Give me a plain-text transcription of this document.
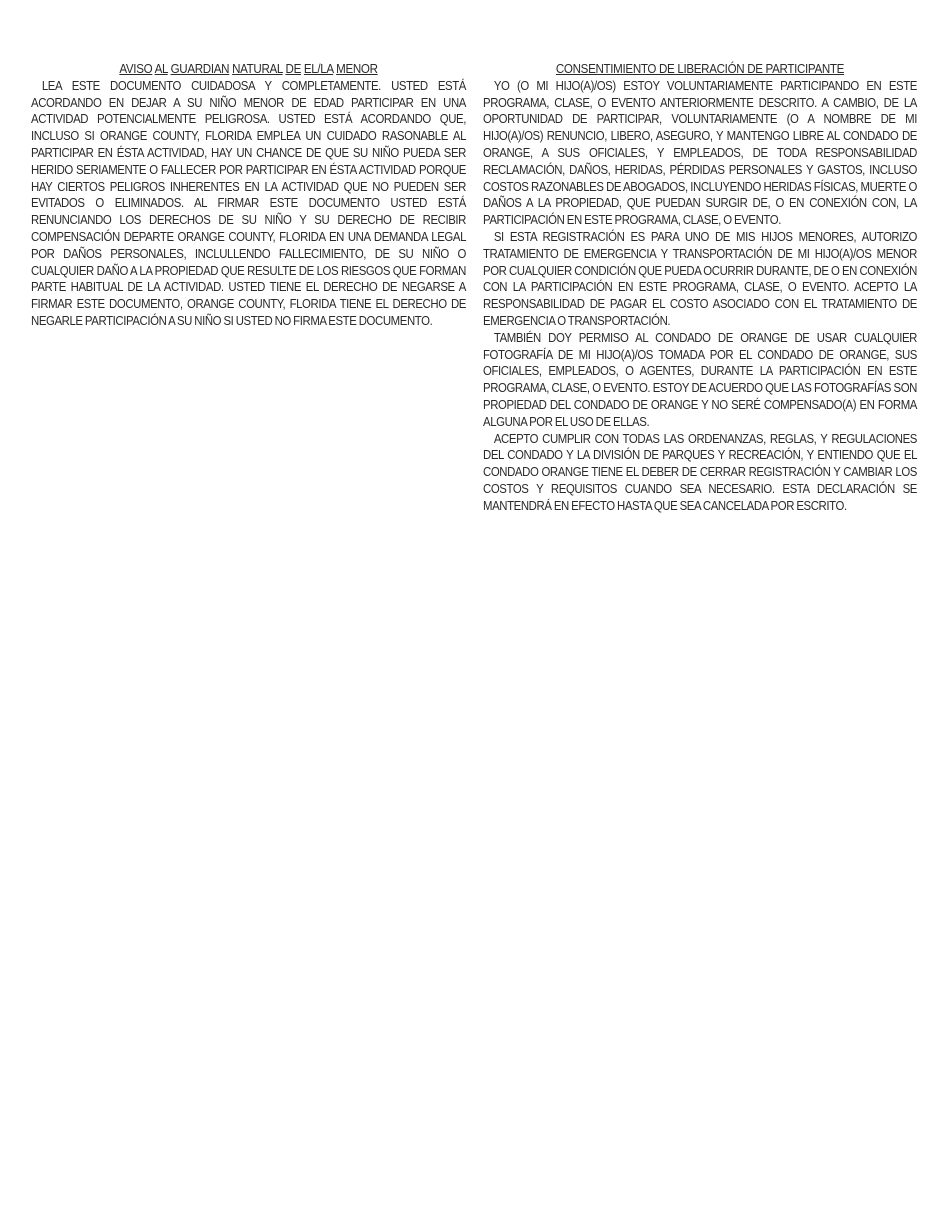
AVISO AL GUARDIAN NATURAL DE EL/LA MENOR

LEA ESTE DOCUMENTO CUIDADOSA Y COMPLETAMENTE. USTED ESTÁ ACORDANDO EN DEJAR A SU NIÑO MENOR DE EDAD PARTICIPAR EN UNA ACTIVIDAD POTENCIALMENTE PELIGROSA. USTED ESTÁ ACORDANDO QUE, INCLUSO SI ORANGE COUNTY, FLORIDA EMPLEA UN CUIDADO RASONABLE AL PARTICIPAR EN ÉSTA ACTIVIDAD, HAY UN CHANCE DE QUE SU NIÑO PUEDA SER HERIDO SERIAMENTE O FALLECER POR PARTICIPAR EN ÉSTA ACTIVIDAD PORQUE HAY CIERTOS PELIGROS INHERENTES EN LA ACTIVIDAD QUE NO PUEDEN SER EVITADOS O ELIMINADOS. AL FIRMAR ESTE DOCUMENTO USTED ESTÁ RENUNCIANDO LOS DERECHOS DE SU NIÑO Y SU DERECHO DE RECIBIR COMPENSACIÓN DEPARTE ORANGE COUNTY, FLORIDA EN UNA DEMANDA LEGAL POR DAÑOS PERSONALES, INCLULLENDO FALLECIMIENTO, DE SU NIÑO O CUALQUIER DAÑO A LA PROPIEDAD QUE RESULTE DE LOS RIESGOS QUE FORMAN PARTE HABITUAL DE LA ACTIVIDAD. USTED TIENE EL DERECHO DE NEGARSE A FIRMAR ESTE DOCUMENTO, ORANGE COUNTY, FLORIDA TIENE EL DERECHO DE NEGARLE PARTICIPACIÓN A SU NIÑO SI USTED NO FIRMA ESTE DOCUMENTO.

CONSENTIMIENTO DE LIBERACIÓN DE PARTICIPANTE

YO (O MI HIJO(A)/OS) ESTOY VOLUNTARIAMENTE PARTICIPANDO EN ESTE PROGRAMA, CLASE, O EVENTO ANTERIORMENTE DESCRITO. A CAMBIO, DE LA OPORTUNIDAD DE PARTICIPAR, VOLUNTARIAMENTE (O A NOMBRE DE MI HIJO(A)/OS) RENUNCIO, LIBERO, ASEGURO, Y MANTENGO LIBRE AL CONDADO DE ORANGE, A SUS OFICIALES, Y EMPLEADOS, DE TODA RESPONSABILIDAD RECLAMACIÓN, DAÑOS, HERIDAS, PÉRDIDAS PERSONALES Y GASTOS, INCLUSO COSTOS RAZONABLES DE ABOGADOS, INCLUYENDO HERIDAS FÍSICAS, MUERTE O DAÑOS A LA PROPIEDAD, QUE PUEDAN SURGIR DE, O EN CONEXIÓN CON, LA PARTICIPACIÓN EN ESTE PROGRAMA, CLASE, O EVENTO.

SI ESTA REGISTRACIÓN ES PARA UNO DE MIS HIJOS MENORES, AUTORIZO TRATAMIENTO DE EMERGENCIA Y TRANSPORTACIÓN DE MI HIJO(A)/OS MENOR POR CUALQUIER CONDICIÓN QUE PUEDA OCURRIR DURANTE, DE O EN CONEXIÓN CON LA PARTICIPACIÓN EN ESTE PROGRAMA, CLASE, O EVENTO. ACEPTO LA RESPONSABILIDAD DE PAGAR EL COSTO ASOCIADO CON EL TRATAMIENTO DE EMERGENCIA O TRANSPORTACIÓN.

TAMBIÉN DOY PERMISO AL CONDADO DE ORANGE DE USAR CUALQUIER FOTOGRAFÍA DE MI HIJO(A)/OS TOMADA POR EL CONDADO DE ORANGE, SUS OFICIALES, EMPLEADOS, O AGENTES, DURANTE LA PARTICIPACIÓN EN ESTE PROGRAMA, CLASE, O EVENTO. ESTOY DE ACUERDO QUE LAS FOTOGRAFÍAS SON PROPIEDAD DEL CONDADO DE ORANGE Y NO SERÉ COMPENSADO(A) EN FORMA ALGUNA POR EL USO DE ELLAS.

ACEPTO CUMPLIR CON TODAS LAS ORDENANZAS, REGLAS, Y REGULACIONES DEL CONDADO Y LA DIVISIÓN DE PARQUES Y RECREACIÓN, Y ENTIENDO QUE EL CONDADO ORANGE TIENE EL DEBER DE CERRAR REGISTRACIÓN Y CAMBIAR LOS COSTOS Y REQUISITOS CUANDO SEA NECESARIO. ESTA DECLARACIÓN SE MANTENDRÁ EN EFECTO HASTA QUE SEA CANCELADA POR ESCRITO.
